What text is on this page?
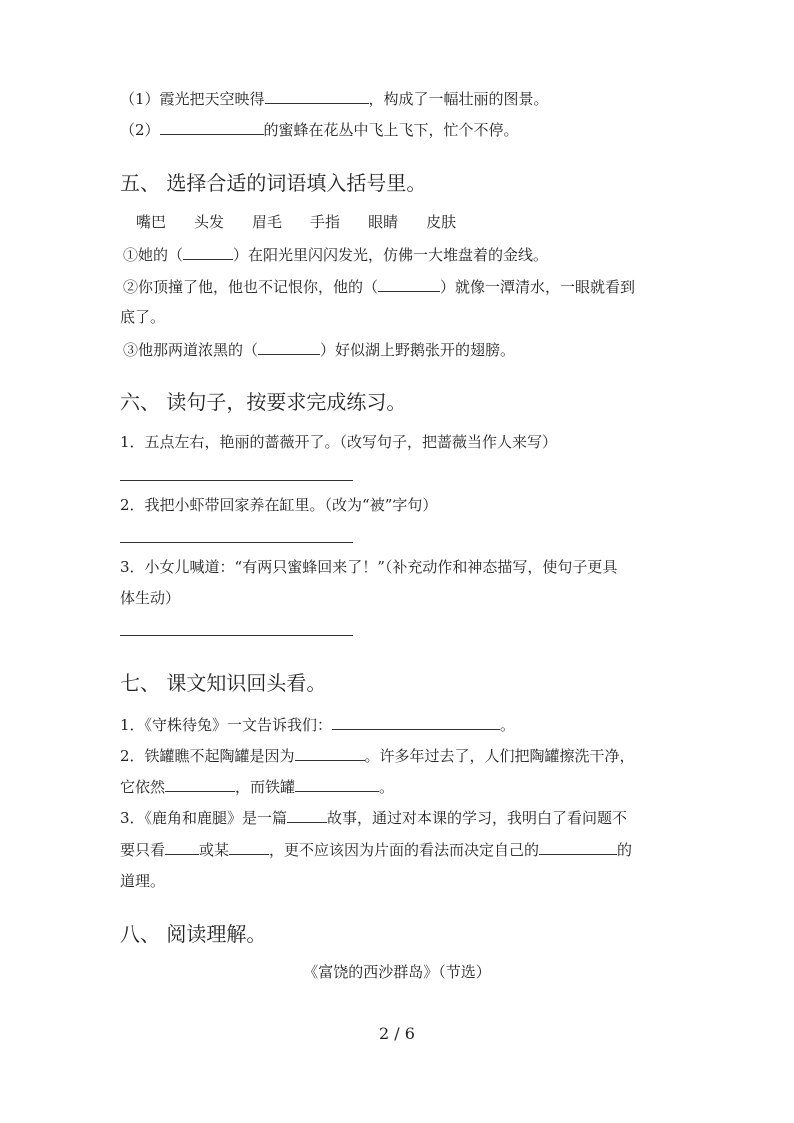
（1）霞光把天空映得	，构成了一幅壮丽的图景。
（2）	的蜜蜂在花丛中飞上飞下，忙个不停。
五、 选择合适的词语填入括号里。
嘴巴 头发 眉毛 手指 眼睛 皮肤
①她的（	）在阳光里闪闪发光，仿佛一大堆盘着的金线。
②你顶撞了他，他也不记恨你，他的（	）就像一潭清水，一眼就看到
底了。
③他那两道浓黑的（	）好似湖上野鹅张开的翅膀。
六、 读句子，按要求完成练习。
1．五点左右，艳丽的蔷薇开了。（改写句子，把蔷薇当作人来写）
2．我把小虾带回家养在缸里。（改为“被”字句）
3．小女儿喊道：“有两只蜜蜂回来了！”（补充动作和神态描写，使句子更具
体生动）
七、 课文知识回头看。
1．《守株待兔》一文告诉我们：	。
2．铁罐瞧不起陶罐是因为	。许多年过去了，人们把陶罐擦洗干净，
它依然	，而铁罐	。
3．《鹿角和鹿腿》是一篇	故事，通过对本课的学习，我明白了看问题不
要只看 或某	，更不应该因为片面的看法而决定自己的	的
道理。
八、 阅读理解。
《富饶的西沙群岛》（节选）
2 / 6
